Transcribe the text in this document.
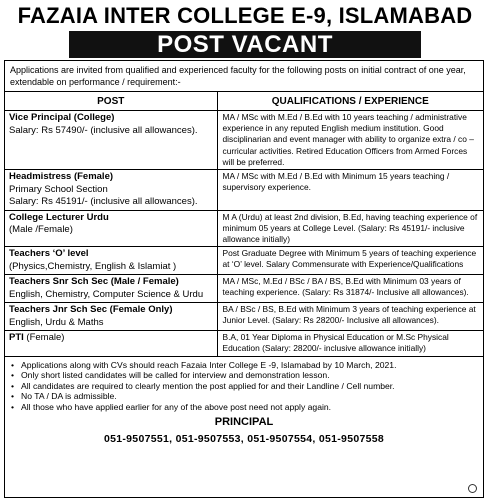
FAZAIA INTER COLLEGE E-9, ISLAMABAD
POST VACANT
Applications are invited from qualified and experienced faculty for the following posts on initial contract of one year, extendable on performance / requirement:-
POST	QUALIFICATIONS / EXPERIENCE

Vice Principal (College)
Salary: Rs 57490/- (inclusive all allowances).	MA / MSc with M.Ed / B.Ed with 10 years teaching / administrative experience in any reputed English medium institution. Good disciplinarian and event manager with ability to organize extra / co – curricular activities. Retired Education Officers from Armed Forces will be preferred.

Headmistress (Female)
Primary School Section
Salary: Rs 45191/- (inclusive all allowances).	MA / MSc with M.Ed / B.Ed with Minimum 15 years teaching / supervisory experience.

College Lecturer Urdu
(Male /Female)	M A (Urdu) at least 2nd division, B.Ed, having teaching experience of minimum 05 years at College Level. (Salary: Rs 45191/- inclusive allowance initially)

Teachers ‘O’ level
(Physics,Chemistry, English & Islamiat )	Post Graduate Degree with Minimum 5 years of teaching experience at ‘O’ level. Salary Commensurate with Experience/Qualifications

Teachers Snr Sch Sec (Male / Female)
English, Chemistry, Computer Science & Urdu	MA / MSc, M.Ed / BSc / BA / BS, B.Ed with Minimum 03 years of teaching experience. (Salary: Rs 31874/- Inclusive all allowances).

Teachers Jnr Sch Sec (Female Only)
English, Urdu & Maths	BA / BSc / BS, B.Ed with Minimum 3 years of teaching experience at Junior Level. (Salary: Rs 28200/- Inclusive all allowances).

PTI (Female)	B.A, 01 Year Diploma in Physical Education or M.Sc Physical Education (Salary: 28200/- inclusive allowance initially)
• Applications along with CVs should reach Fazaia Inter College E -9, Islamabad by 10 March, 2021.
• Only short listed candidates will be called for interview and demonstration lesson.
• All candidates are required to clearly mention the post applied for and their Landline / Cell number.
• No TA / DA is admissible.
• All those who have applied earlier for any of the above post need not apply again.
PRINCIPAL
051-9507551, 051-9507553, 051-9507554, 051-9507558
